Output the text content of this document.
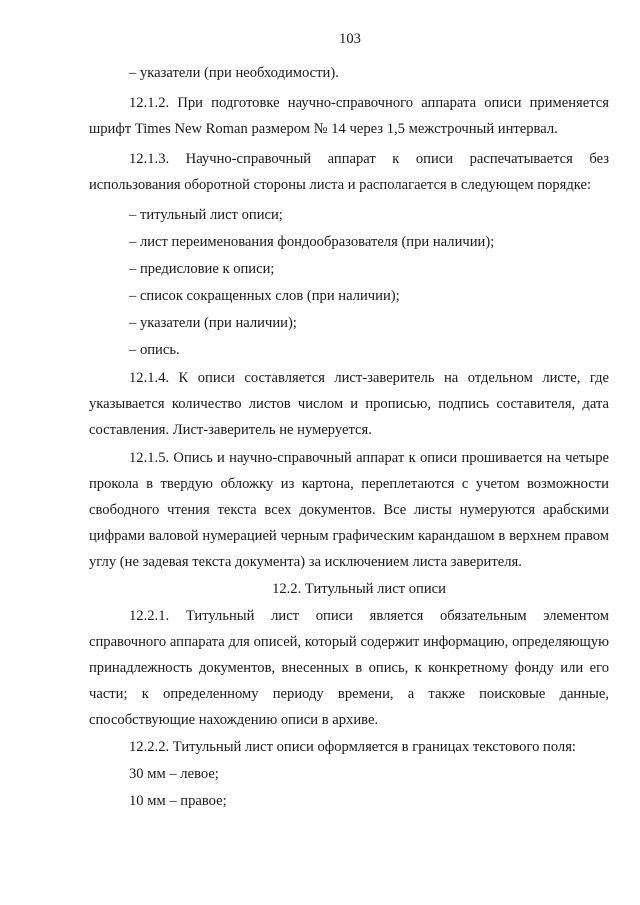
103
– указатели (при необходимости).
12.1.2. При подготовке научно-справочного аппарата описи применяется шрифт Times New Roman размером № 14 через 1,5 межстрочный интервал.
12.1.3. Научно-справочный аппарат к описи распечатывается без использования оборотной стороны листа и располагается в следующем порядке:
– титульный лист описи;
– лист переименования фондообразователя (при наличии);
– предисловие к описи;
– список сокращенных слов (при наличии);
– указатели (при наличии);
– опись.
12.1.4. К описи составляется лист-заверитель на отдельном листе, где указывается количество листов числом и прописью, подпись составителя, дата составления. Лист-заверитель не нумеруется.
12.1.5. Опись и научно-справочный аппарат к описи прошивается на четыре прокола в твердую обложку из картона, переплетаются с учетом возможности свободного чтения текста всех документов. Все листы нумеруются арабскими цифрами валовой нумерацией черным графическим карандашом в верхнем правом углу (не задевая текста документа) за исключением листа заверителя.
12.2. Титульный лист описи
12.2.1. Титульный лист описи является обязательным элементом справочного аппарата для описей, который содержит информацию, определяющую принадлежность документов, внесенных в опись, к конкретному фонду или его части; к определенному периоду времени, а также поисковые данные, способствующие нахождению описи в архиве.
12.2.2. Титульный лист описи оформляется в границах текстового поля:
30 мм – левое;
10 мм – правое;
